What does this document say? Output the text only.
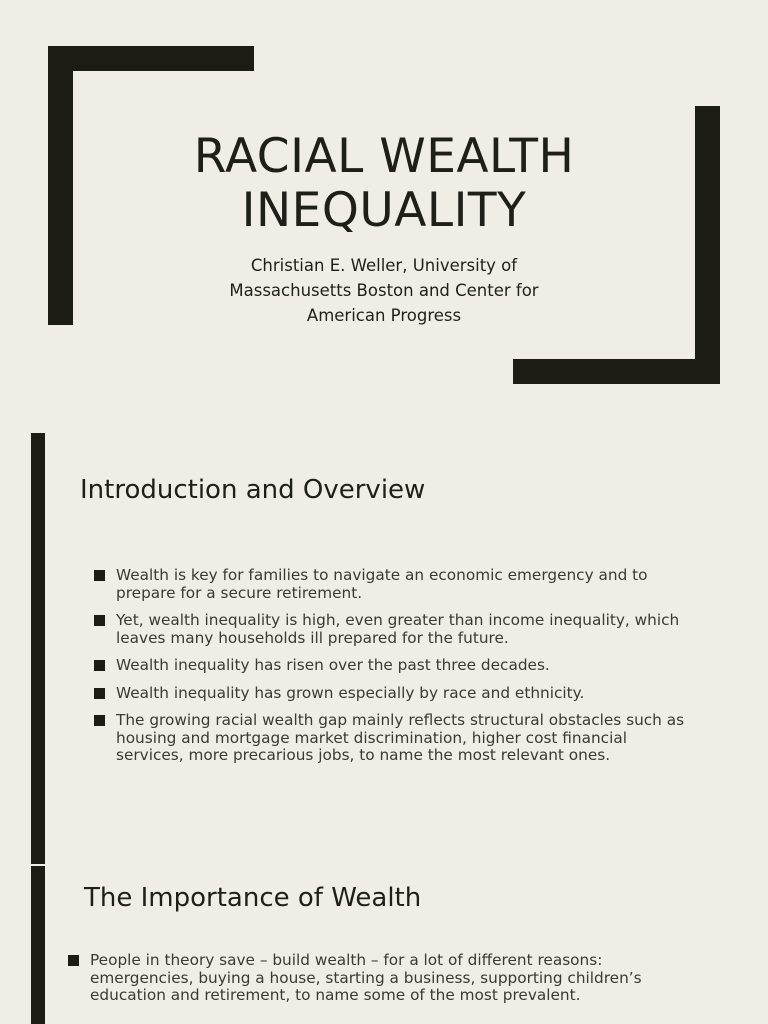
RACIAL WEALTH
INEQUALITY
Christian E. Weller, University of
Massachusetts Boston and Center for
American Progress
Introduction and Overview
Wealth is key for families to navigate an economic emergency and to prepare for a secure retirement.
Yet, wealth inequality is high, even greater than income inequality, which leaves many households ill prepared for the future.
Wealth inequality has risen over the past three decades.
Wealth inequality has grown especially by race and ethnicity.
The growing racial wealth gap mainly reflects structural obstacles such as housing and mortgage market discrimination, higher cost financial services, more precarious jobs, to name the most relevant ones.
The Importance of Wealth
People in theory save – build wealth – for a lot of different reasons: emergencies, buying a house, starting a business, supporting children’s education and retirement, to name some of the most prevalent.
